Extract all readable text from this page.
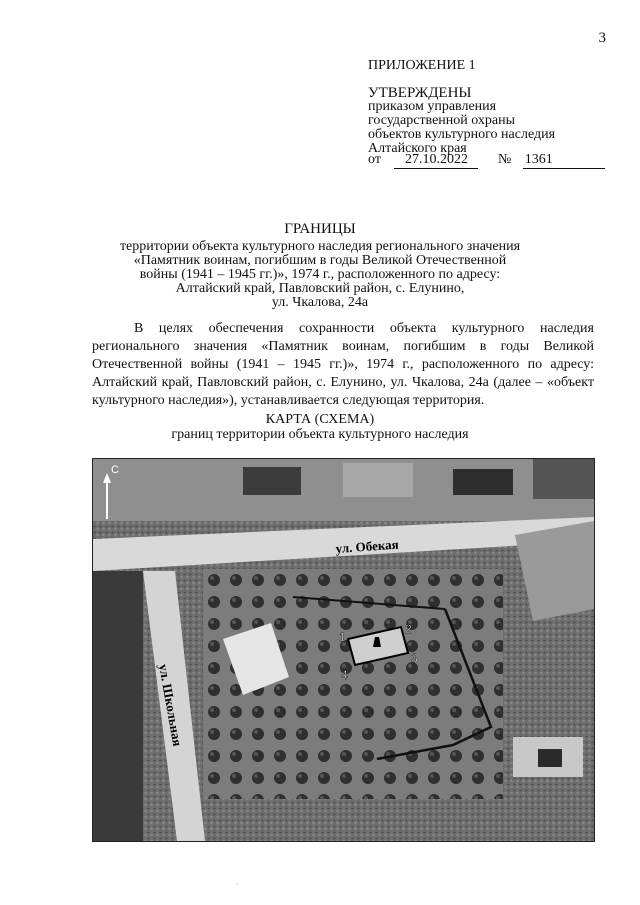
3
ПРИЛОЖЕНИЕ 1
УТВЕРЖДЕНЫ
приказом управления
государственной охраны
объектов культурного наследия
Алтайского края
от 27.10.2022 № 1361
ГРАНИЦЫ
территории объекта культурного наследия регионального значения
«Памятник воинам, погибшим в годы Великой Отечественной
войны (1941 – 1945 гг.)», 1974 г., расположенного по адресу:
Алтайский край, Павловский район, с. Елунино,
ул. Чкалова, 24а
В целях обеспечения сохранности объекта культурного наследия регионального значения «Памятник воинам, погибшим в годы Великой Отечественной войны (1941 – 1945 гг.)», 1974 г., расположенного по адресу: Алтайский край, Павловский район, с. Елунино, ул. Чкалова, 24а (далее – «объект культурного наследия»), устанавливается следующая территория.
КАРТА (СХЕМА)
границ территории объекта культурного наследия
1
2
3
4
ул. Обекая
ул. Школьная
С
.
